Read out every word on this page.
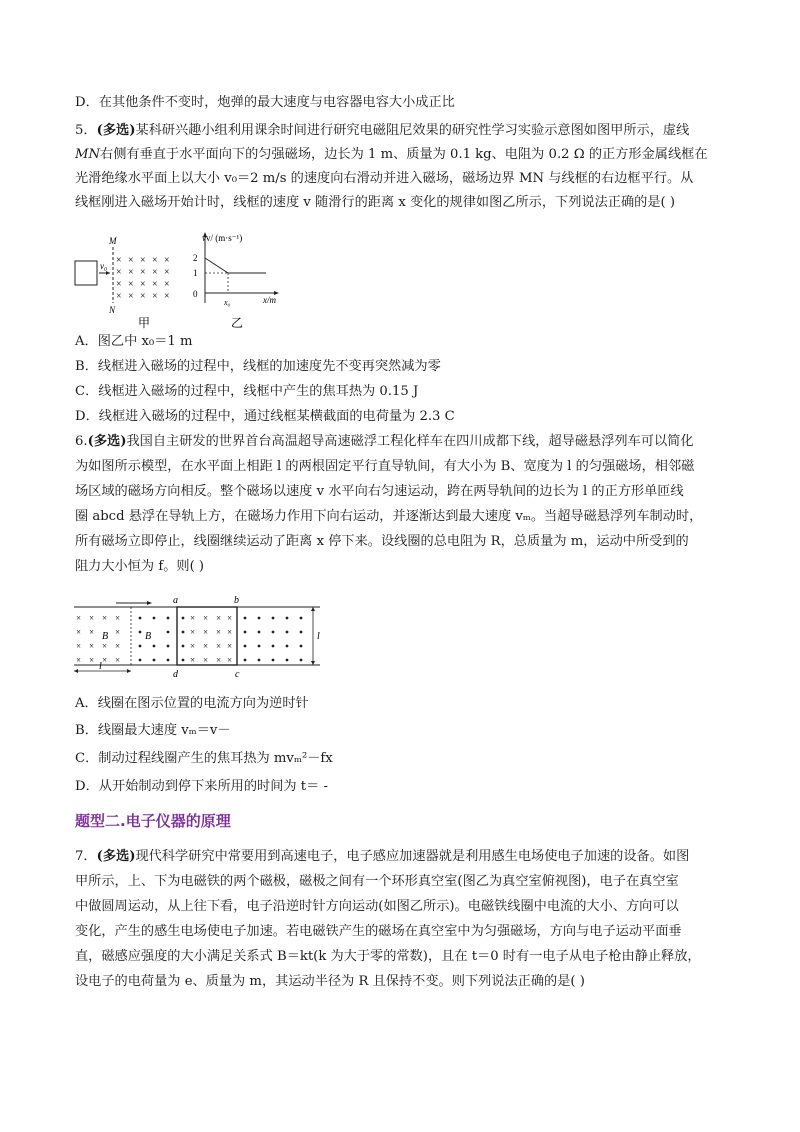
D．在其他条件不变时，炮弹的最大速度与电容器电容大小成正比
5．(多选)某科研兴趣小组利用课余时间进行研究电磁阻尼效果的研究性学习实验示意图如图甲所示，虚线
MN右侧有垂直于水平面向下的匀强磁场，边长为 1 m、质量为 0.1 kg、电阻为 0.2 Ω 的正方形金属线框在
光滑绝缘水平面上以大小 v₀＝2 m/s 的速度向右滑动并进入磁场，磁场边界 MN 与线框的右边框平行。从
线框刚进入磁场开始计时，线框的速度 v 随滑行的距离 x 变化的规律如图乙所示，下列说法正确的是( )
v₀
M
N
× × × × ×
× × × × ×
× × × × ×
× × × × ×
甲
vv/ (m·s⁻¹)
x/m
2
1
0
x₀
乙
A．图乙中 x₀＝1 m
B．线框进入磁场的过程中，线框的加速度先不变再突然减为零
C．线框进入磁场的过程中，线框中产生的焦耳热为 0.15 J
D．线框进入磁场的过程中，通过线框某横截面的电荷量为 2.3 C
6.(多选)我国自主研发的世界首台高温超导高速磁浮工程化样车在四川成都下线，超导磁悬浮列车可以简化
为如图所示模型，在水平面上相距 l 的两根固定平行直导轨间，有大小为 B、宽度为 l 的匀强磁场，相邻磁
场区域的磁场方向相反。整个磁场以速度 v 水平向右匀速运动，跨在两导轨间的边长为 l 的正方形单匝线
圈 abcd 悬浮在导轨上方，在磁场力作用下向右运动，并逐渐达到最大速度 vₘ。当超导磁悬浮列车制动时，
所有磁场立即停止，线圈继续运动了距离 x 停下来。设线圈的总电阻为 R，总质量为 m，运动中所受到的
阻力大小恒为 f。则( )
a	b
c
d
B	B
× × × ×
× × ×
× × × ×
× × × ×
× × × ×
× × × ×
× × × ×
× × × ×
l
l
A．线圈在图示位置的电流方向为逆时针
B．线圈最大速度 vₘ＝v－
C．制动过程线圈产生的焦耳热为 mvₘ²－fx
D．从开始制动到停下来所用的时间为 t＝ -
题型二.电子仪器的原理
7．(多选)现代科学研究中常要用到高速电子，电子感应加速器就是利用感生电场使电子加速的设备。如图
甲所示，上、下为电磁铁的两个磁极，磁极之间有一个环形真空室(图乙为真空室俯视图)，电子在真空室
中做圆周运动，从上往下看，电子沿逆时针方向运动(如图乙所示)。电磁铁线圈中电流的大小、方向可以
变化，产生的感生电场使电子加速。若电磁铁产生的磁场在真空室中为匀强磁场，方向与电子运动平面垂
直，磁感应强度的大小满足关系式 B＝kt(k 为大于零的常数)，且在 t＝0 时有一电子从电子枪由静止释放，
设电子的电荷量为 e、质量为 m，其运动半径为 R 且保持不变。则下列说法正确的是( )
